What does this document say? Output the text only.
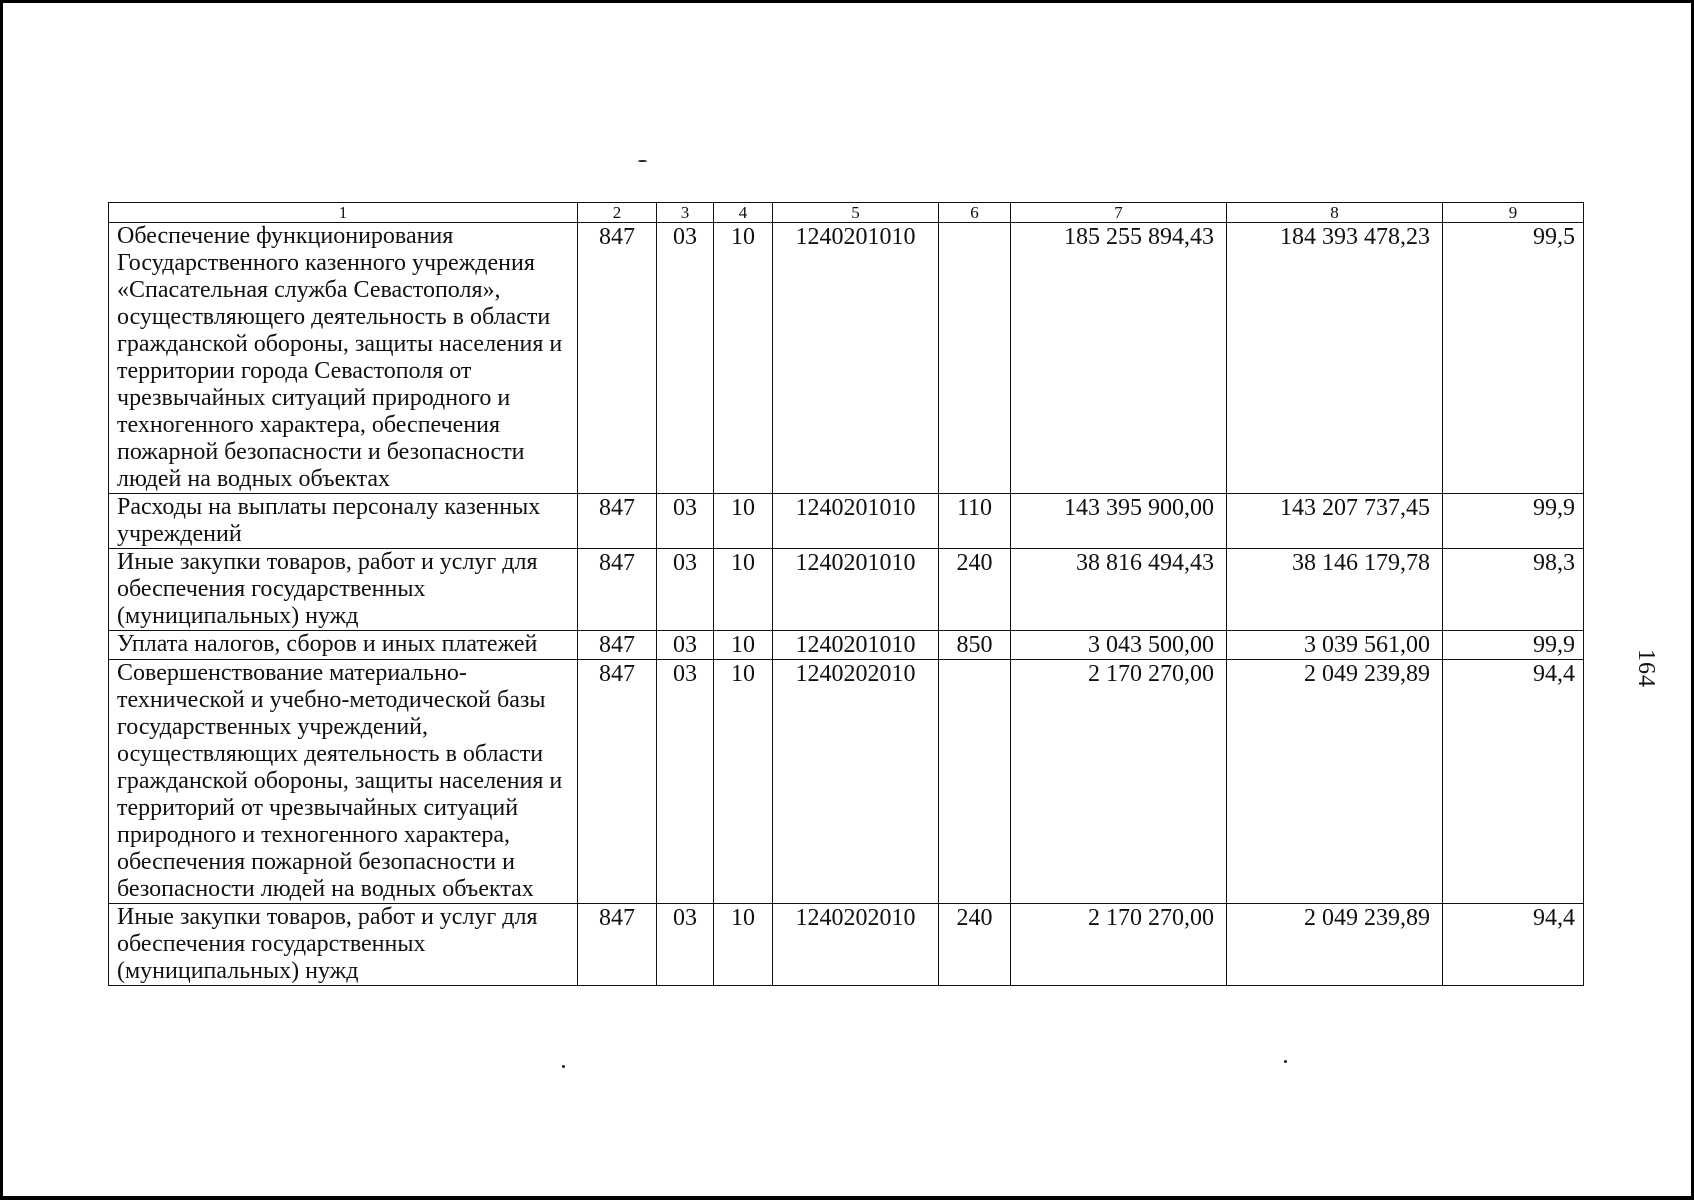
1	2	3	4	5	6	7	8	9
Обеспечение функционирования Государственного казенного учреждения «Спасательная служба Севастополя», осуществляющего деятельность в области гражданской обороны, защиты населения и территории города Севастополя от чрезвычайных ситуаций природного и техногенного характера, обеспечения пожарной безопасности и безопасности людей на водных объектах	847	03	10	1240201010		185 255 894,43	184 393 478,23	99,5
Расходы на выплаты персоналу казенных учреждений	847	03	10	1240201010	110	143 395 900,00	143 207 737,45	99,9
Иные закупки товаров, работ и услуг для обеспечения государственных (муниципальных) нужд	847	03	10	1240201010	240	38 816 494,43	38 146 179,78	98,3
Уплата налогов, сборов и иных платежей	847	03	10	1240201010	850	3 043 500,00	3 039 561,00	99,9
Совершенствование материально-технической и учебно-методической базы государственных учреждений, осуществляющих деятельность в области гражданской обороны, защиты населения и территорий от чрезвычайных ситуаций природного и техногенного характера, обеспечения пожарной безопасности и безопасности людей на водных объектах	847	03	10	1240202010		2 170 270,00	2 049 239,89	94,4
Иные закупки товаров, работ и услуг для обеспечения государственных (муниципальных) нужд	847	03	10	1240202010	240	2 170 270,00	2 049 239,89	94,4
164
